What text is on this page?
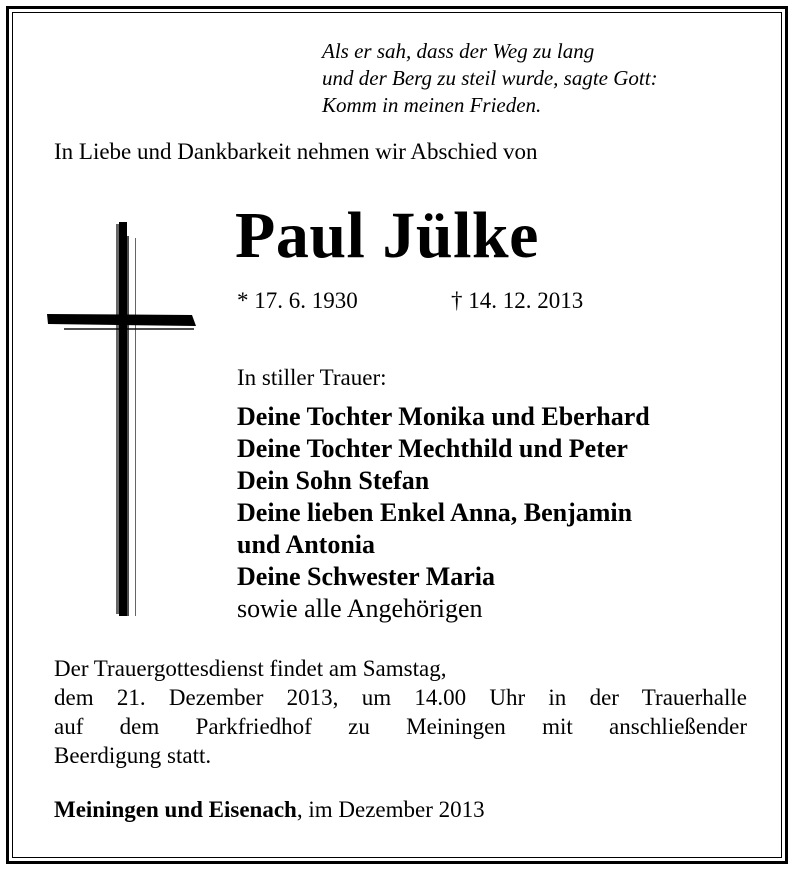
Als er sah, dass der Weg zu lang
und der Berg zu steil wurde, sagte Gott:
Komm in meinen Frieden.
In Liebe und Dankbarkeit nehmen wir Abschied von
Paul Jülke
* 17. 6. 1930	† 14. 12. 2013
In stiller Trauer:
Deine Tochter Monika und Eberhard
Deine Tochter Mechthild und Peter
Dein Sohn Stefan
Deine lieben Enkel Anna, Benjamin
und Antonia
Deine Schwester Maria
sowie alle Angehörigen
Der Trauergottesdienst findet am Samstag,
dem 21. Dezember 2013, um 14.00 Uhr in der Trauerhalle
auf dem Parkfriedhof zu Meiningen mit anschließender
Beerdigung statt.
Meiningen und Eisenach, im Dezember 2013
